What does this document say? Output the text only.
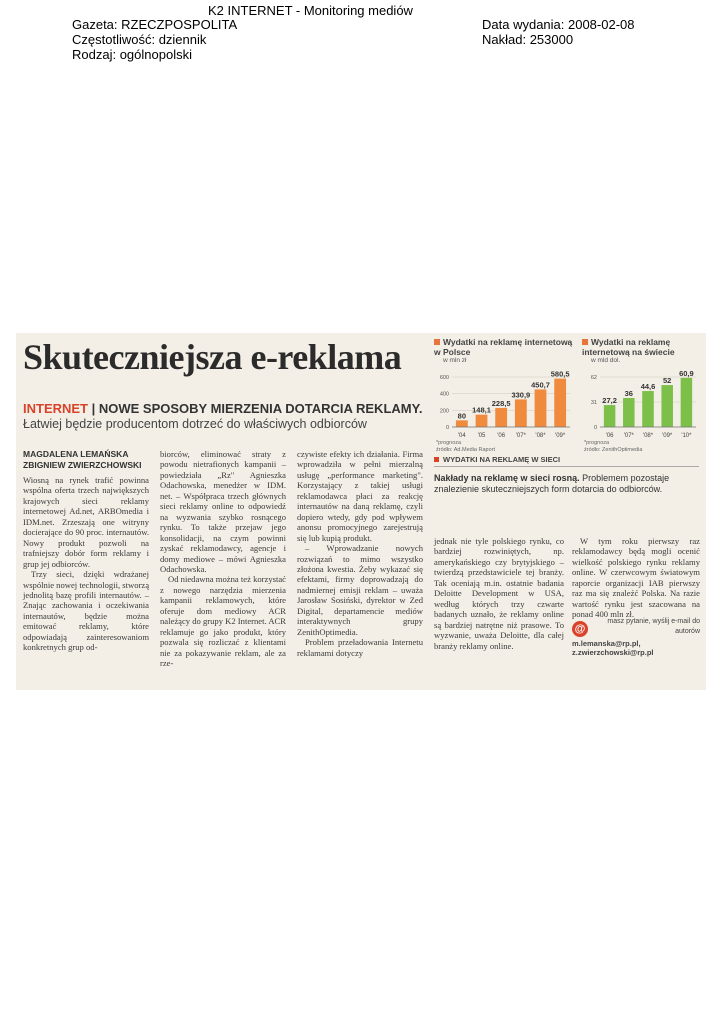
K2 INTERNET - Monitoring mediów
Gazeta: RZECZPOSPOLITA
Częstotliwość: dziennik
Rodzaj: ogólnopolski
Data wydania: 2008-02-08
Nakład: 253000
Skuteczniejsza e-reklama
INTERNET | NOWE SPOSOBY MIERZENIA DOTARCIA REKLAMY.
Łatwiej będzie producentom dotrzeć do właściwych odbiorców
MAGDALENA LEMAŃSKA
ZBIGNIEW ZWIERZCHOWSKI

Wiosną na rynek trafić powinna wspólna oferta trzech największych krajowych sieci reklamy internetowej Ad.net, ARBOmedia i IDM.net. Zrzeszają one witryny docierające do 90 proc. internautów. Nowy produkt pozwoli na trafniejszy dobór form reklamy i grup jej odbiorców.

Trzy sieci, dzięki wdrażanej wspólnie nowej technologii, stworzą jednolitą bazę profili internautów. – Znając zachowania i oczekiwania internautów, będzie można emitować reklamy, które odpowiadają zainteresowaniom konkretnych grup od-

biorców, eliminować straty z powodu nietrafionych kampanii – powiedziała „Rz" Agnieszka Odachowska, menedżer w IDM. net. – Współpraca trzech głównych sieci reklamy online to odpowiedź na wyzwania szybko rosnącego rynku. To także przejaw jego konsolidacji, na czym powinni zyskać reklamodawcy, agencje i domy mediowe – mówi Agnieszka Odachowska.

Od niedawna można też korzystać z nowego narzędzia mierzenia kampanii reklamowych, które oferuje dom mediowy ACR należący do grupy K2 Internet. ACR reklamuje go jako produkt, który pozwala się rozliczać z klientami nie za pokazywanie reklam, ale za rze-

czywiste efekty ich działania. Firma wprowadziła w pełni mierzalną usługę „performance marketing". Korzystający z takiej usługi reklamodawca płaci za reakcję internautów na daną reklamę, czyli dopiero wtedy, gdy pod wpływem anonsu promocyjnego zarejestrują się lub kupią produkt.

– Wprowadzanie nowych rozwiązań to mimo wszystko złożona kwestia. Żeby wykazać się efektami, firmy doprowadzają do nadmiernej emisji reklam – uważa Jarosław Sosiński, dyrektor w Zed Digital, departamencie mediów interaktywnych grupy ZenithOptimedia.

Problem przeładowania Internetu reklamami dotyczy

Wydatki na reklamę internetową w Polsce
w mln zł
600
400
200
0
80
'04
148,1
'05
228,5
'06
330,9
'07*
450,7
'08*
580,5
'09*
*prognoza
źródło: Ad.Media Raport
Wydatki na reklamę internetową na świecie
w mld dol.
62
31
0
27,2
'06
36
'07*
44,6
'08*
52
'09*
60,9
'10*
*prognoza
źródło: ZenithOptimedia
WYDATKI NA REKLAMĘ W SIECI
Nakłady na reklamę w sieci rosną. Problemem pozostaje znalezienie skuteczniejszych form dotarcia do odbiorców.

jednak nie tyle polskiego rynku, co bardziej rozwiniętych, np. amerykańskiego czy brytyjskiego – twierdzą przedstawiciele tej branży. Tak oceniają m.in. ostatnie badania Deloitte Development w USA, według których trzy czwarte badanych uznało, że reklamy online są bardziej natrętne niż prasowe. To wyzwanie, uważa Deloitte, dla całej branży reklamy online.

W tym roku pierwszy raz reklamodawcy będą mogli ocenić wielkość polskiego rynku reklamy online. W czerwcowym światowym raporcie organizacji IAB pierwszy raz ma się znaleźć Polska. Na razie wartość rynku jest szacowana na ponad 400 mln zł.

@
masz pytanie, wyślij e-mail do autorów
m.lemanska@rp.pl,
z.zwierzchowski@rp.pl
